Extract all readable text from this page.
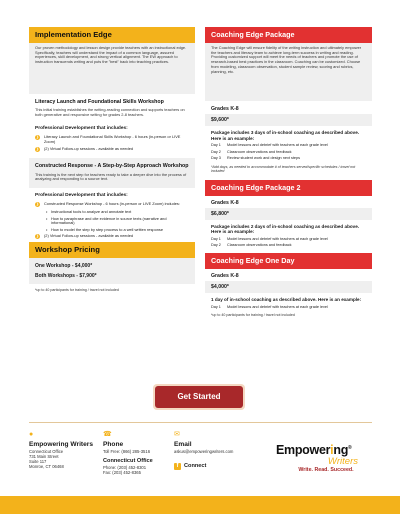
Implementation Edge
Our proven methodology and lesson design provide teachers with an instructional edge. Specifically, teachers will understand the impact of a common language, assured experiences, skill development, and strong vertical alignment. The EW approach to instruction transcends writing and puts the "best" back into teaching practices.
Literacy Launch and Foundational Skills Workshop
This initial training establishes the writing-reading connection and supports teachers on both generative and responsive writing for grades 2-8 teachers.
Professional Development that includes:
❯ Literacy Launch and Foundational Skills Workshop - 6 hours (in-person or LIVE Zoom)
❯ (2) Virtual Follow-up sessions - available as needed
Constructed Response - A Step-by-Step Approach Workshop
This training is the next step for teachers ready to take a deeper dive into the process of analyzing and responding to a source text.
Professional Development that includes:
❯ Constructed Response Workshop - 6 hours (in-person or LIVE Zoom) includes:
• Instructional tools to analyze and annotate text
• How to paraphrase and cite evidence in source texts (narrative and informational)
• How to model the step by step process to a well written response
❯ (2) Virtual Follow-up sessions - available as needed
Workshop Pricing
One Workshop - $4,000*
Both Workshops - $7,900*
*up to 40 participants for training / travel not included
Coaching Edge Package
The Coaching Edge will ensure fidelity of the writing instruction and ultimately empower the teachers and literacy team to achieve long-term success in writing and reading. Providing customized support will meet the needs of teachers and promote the use of research-based best practices in the classroom. Coaching can be customized. Choose from modeling, classroom observation, student sample review, scoring and rubrics, planning, etc.
Grades K-8
$9,600*
Package includes 3 days of in-school coaching as described above. Here is an example:
Day 1	Model lessons and debrief with teachers at each grade level
Day 2	Classroom observations and feedback
Day 3	Review student work and design next steps
*Add days, as needed to accommodate # of teachers served/specific schedules / travel not included
Coaching Edge Package 2
Grades K-8
$6,800*
Package includes 2 days of in-school coaching as described above. Here is an example:
Day 1	Model lessons and debrief with teachers at each grade level
Day 2	Classroom observations and feedback
Coaching Edge One Day
Grades K-8
$4,000*
1 day of in-school coaching as described above. Here is an example:
Day 1	Model lessons and debrief with teachers at each grade level
*up to 40 participants for training / travel not included
Get Started
●
Empowering Writers
Connecticut Office
731 Main Street
Suite 117
Monroe, CT 06468
☎
Phone
Toll Free: (866) 285-3516
Connecticut Office
Phone: (203) 452-8301
Fax: (203) 452-8365
✉
Email
askus@empoweringwriters.com
f Connect
Empowering®
Writers
Write. Read. Succeed.
